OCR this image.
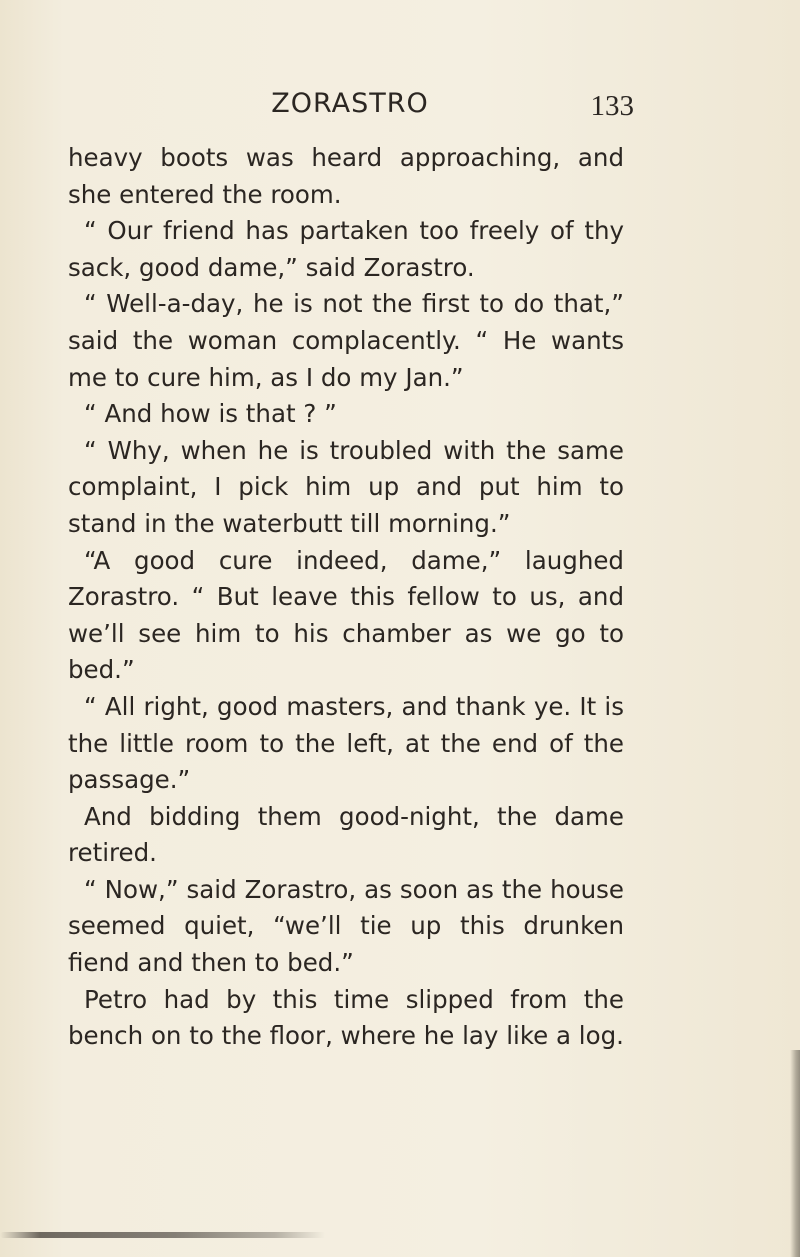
ZORASTRO	133

heavy boots was heard approaching, and she entered the room.

“ Our friend has partaken too freely of thy sack, good dame,” said Zorastro.

“ Well-a-day, he is not the first to do that,” said the woman complacently. “ He wants me to cure him, as I do my Jan.”

“ And how is that ? ”

“ Why, when he is troubled with the same complaint, I pick him up and put him to stand in the waterbutt till morning.”

“A good cure indeed, dame,” laughed Zorastro. “ But leave this fellow to us, and we’ll see him to his chamber as we go to bed.”

“ All right, good masters, and thank ye. It is the little room to the left, at the end of the passage.”

And bidding them good-night, the dame retired.

“ Now,” said Zorastro, as soon as the house seemed quiet, “we’ll tie up this drunken fiend and then to bed.”

Petro had by this time slipped from the bench on to the floor, where he lay like a log.
